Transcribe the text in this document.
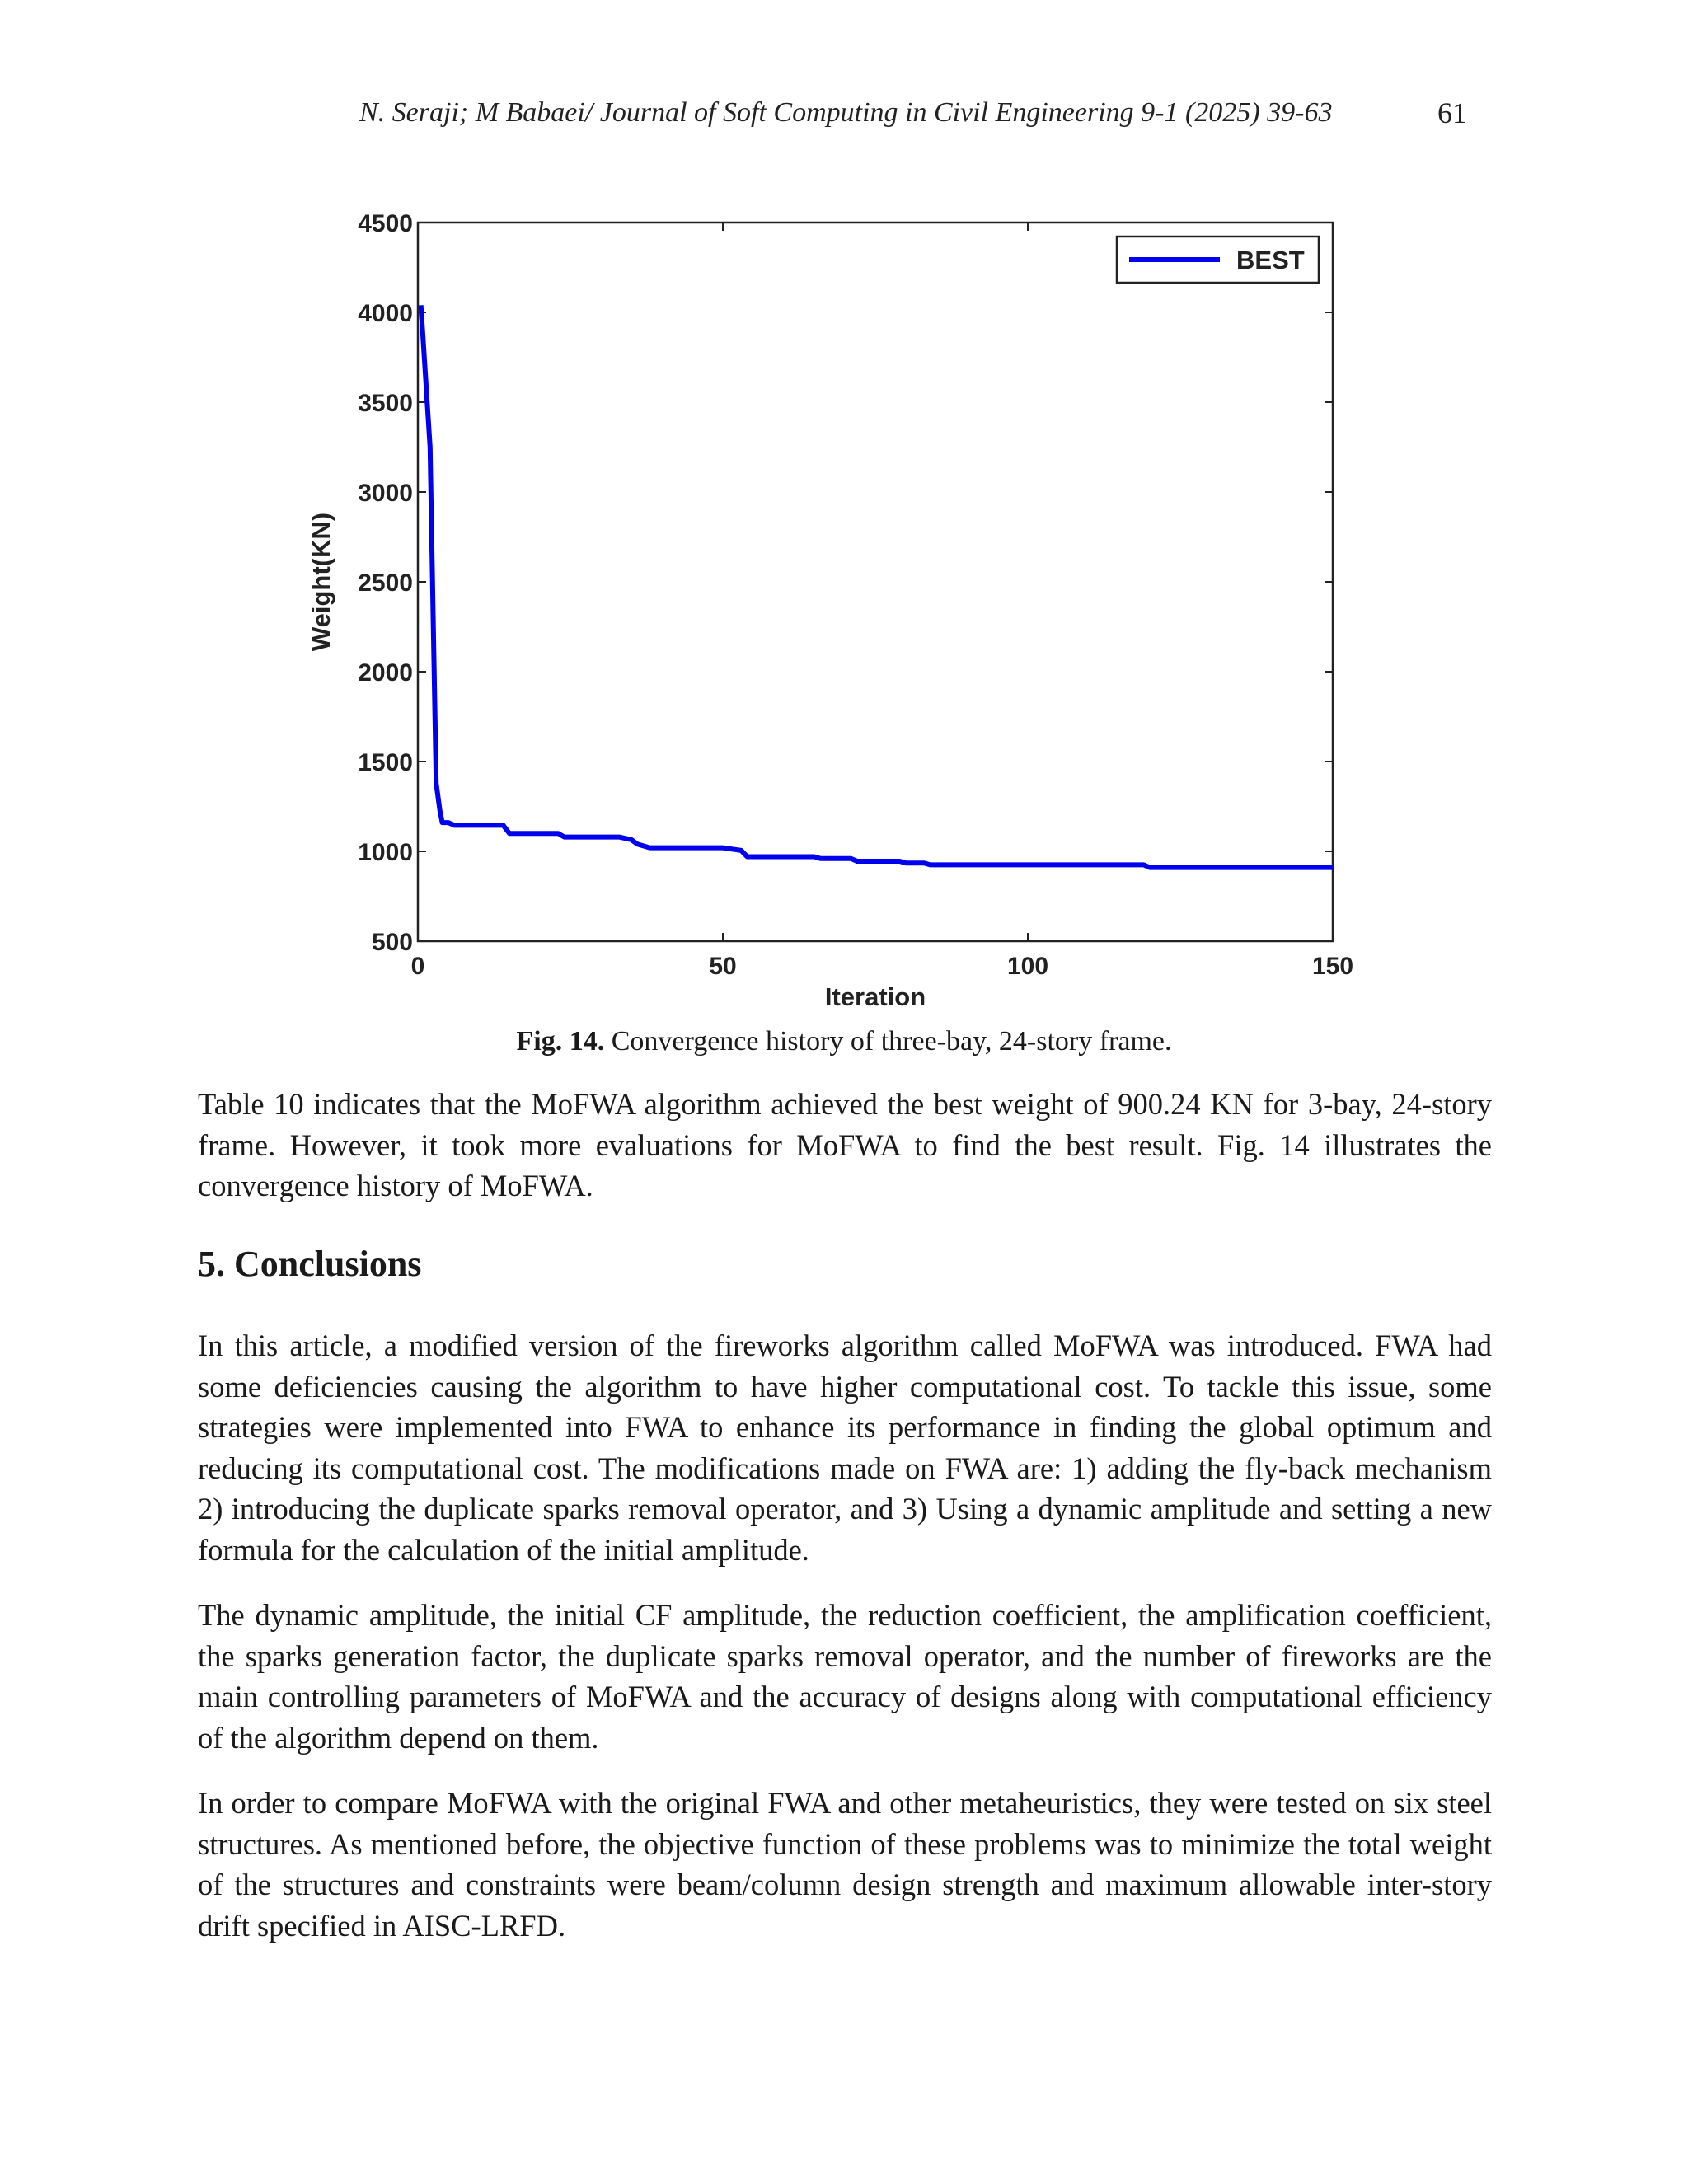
N. Seraji; M Babaei/ Journal of Soft Computing in Civil Engineering 9-1 (2025) 39-63	61
500
1000
1500
2000
2500
3000
3500
4000
4500
0	50	100	150
BEST
Iteration
Weight(KN)
Fig. 14. Convergence history of three-bay, 24-story frame.

Table 10 indicates that the MoFWA algorithm achieved the best weight of 900.24 KN for 3-bay, 24-story frame. However, it took more evaluations for MoFWA to find the best result. Fig. 14 illustrates the convergence history of MoFWA.

5. Conclusions

In this article, a modified version of the fireworks algorithm called MoFWA was introduced. FWA had some deficiencies causing the algorithm to have higher computational cost. To tackle this issue, some strategies were implemented into FWA to enhance its performance in finding the global optimum and reducing its computational cost. The modifications made on FWA are: 1) adding the fly-back mechanism 2) introducing the duplicate sparks removal operator, and 3) Using a dynamic amplitude and setting a new formula for the calculation of the initial amplitude.

The dynamic amplitude, the initial CF amplitude, the reduction coefficient, the amplification coefficient, the sparks generation factor, the duplicate sparks removal operator, and the number of fireworks are the main controlling parameters of MoFWA and the accuracy of designs along with computational efficiency of the algorithm depend on them.

In order to compare MoFWA with the original FWA and other metaheuristics, they were tested on six steel structures. As mentioned before, the objective function of these problems was to minimize the total weight of the structures and constraints were beam/column design strength and maximum allowable inter-story drift specified in AISC-LRFD.
